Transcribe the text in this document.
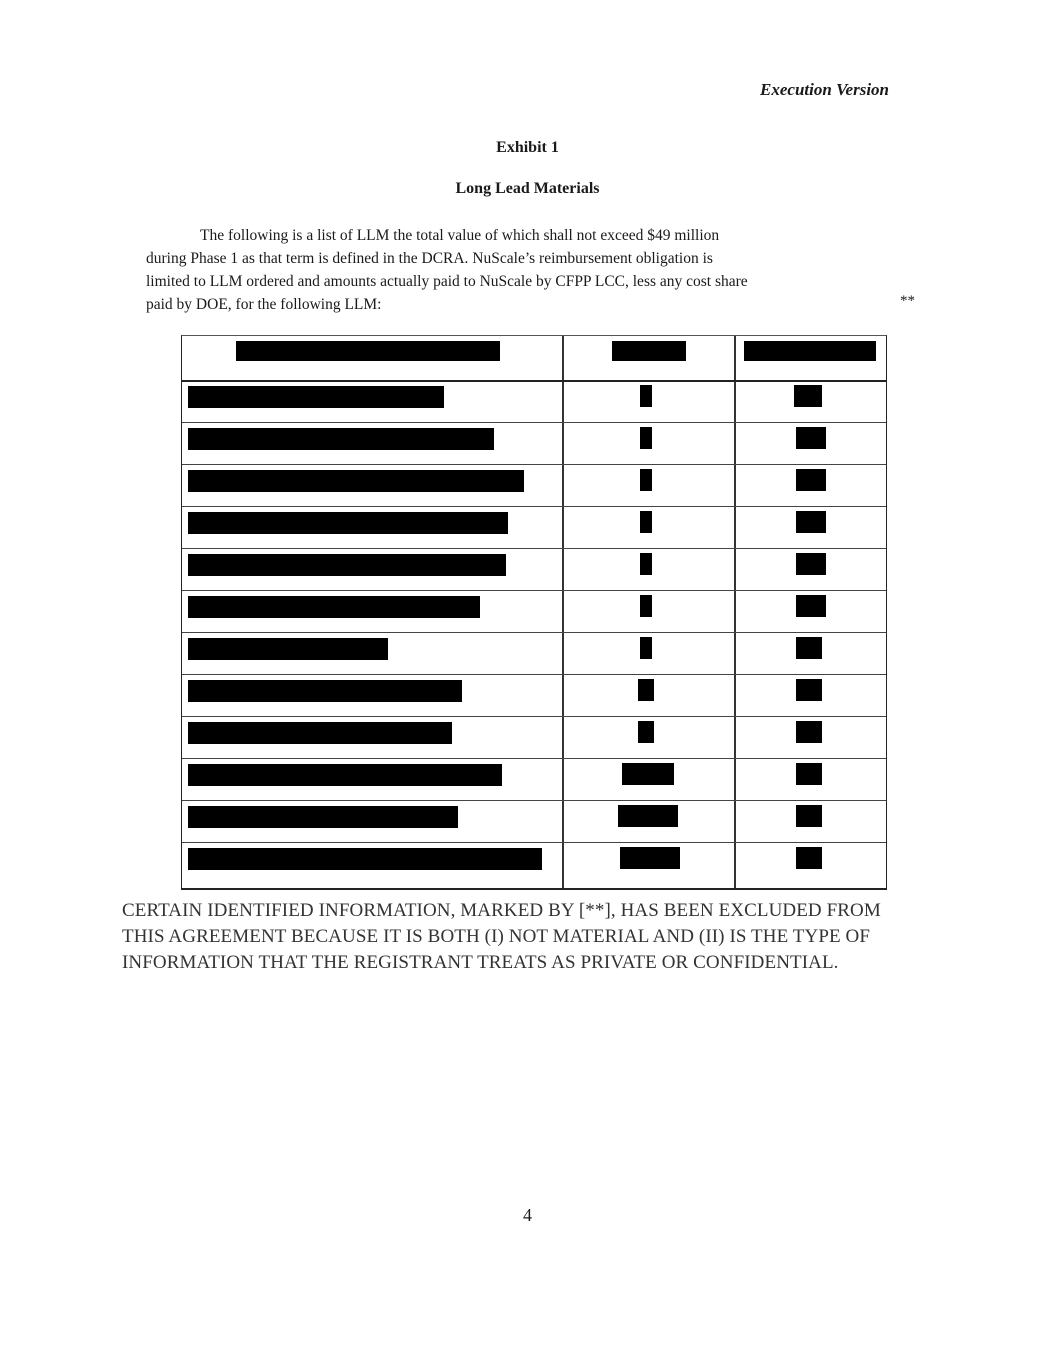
Execution Version
Exhibit 1
Long Lead Materials
The following is a list of LLM the total value of which shall not exceed $49 million
during Phase 1 as that term is defined in the DCRA. NuScale’s reimbursement obligation is
limited to LLM ordered and amounts actually paid to NuScale by CFPP LCC, less any cost share
paid by DOE, for the following LLM:	**
CERTAIN IDENTIFIED INFORMATION, MARKED BY [**], HAS BEEN EXCLUDED FROM
THIS AGREEMENT BECAUSE IT IS BOTH (I) NOT MATERIAL AND (II) IS THE TYPE OF
INFORMATION THAT THE REGISTRANT TREATS AS PRIVATE OR CONFIDENTIAL.
4
